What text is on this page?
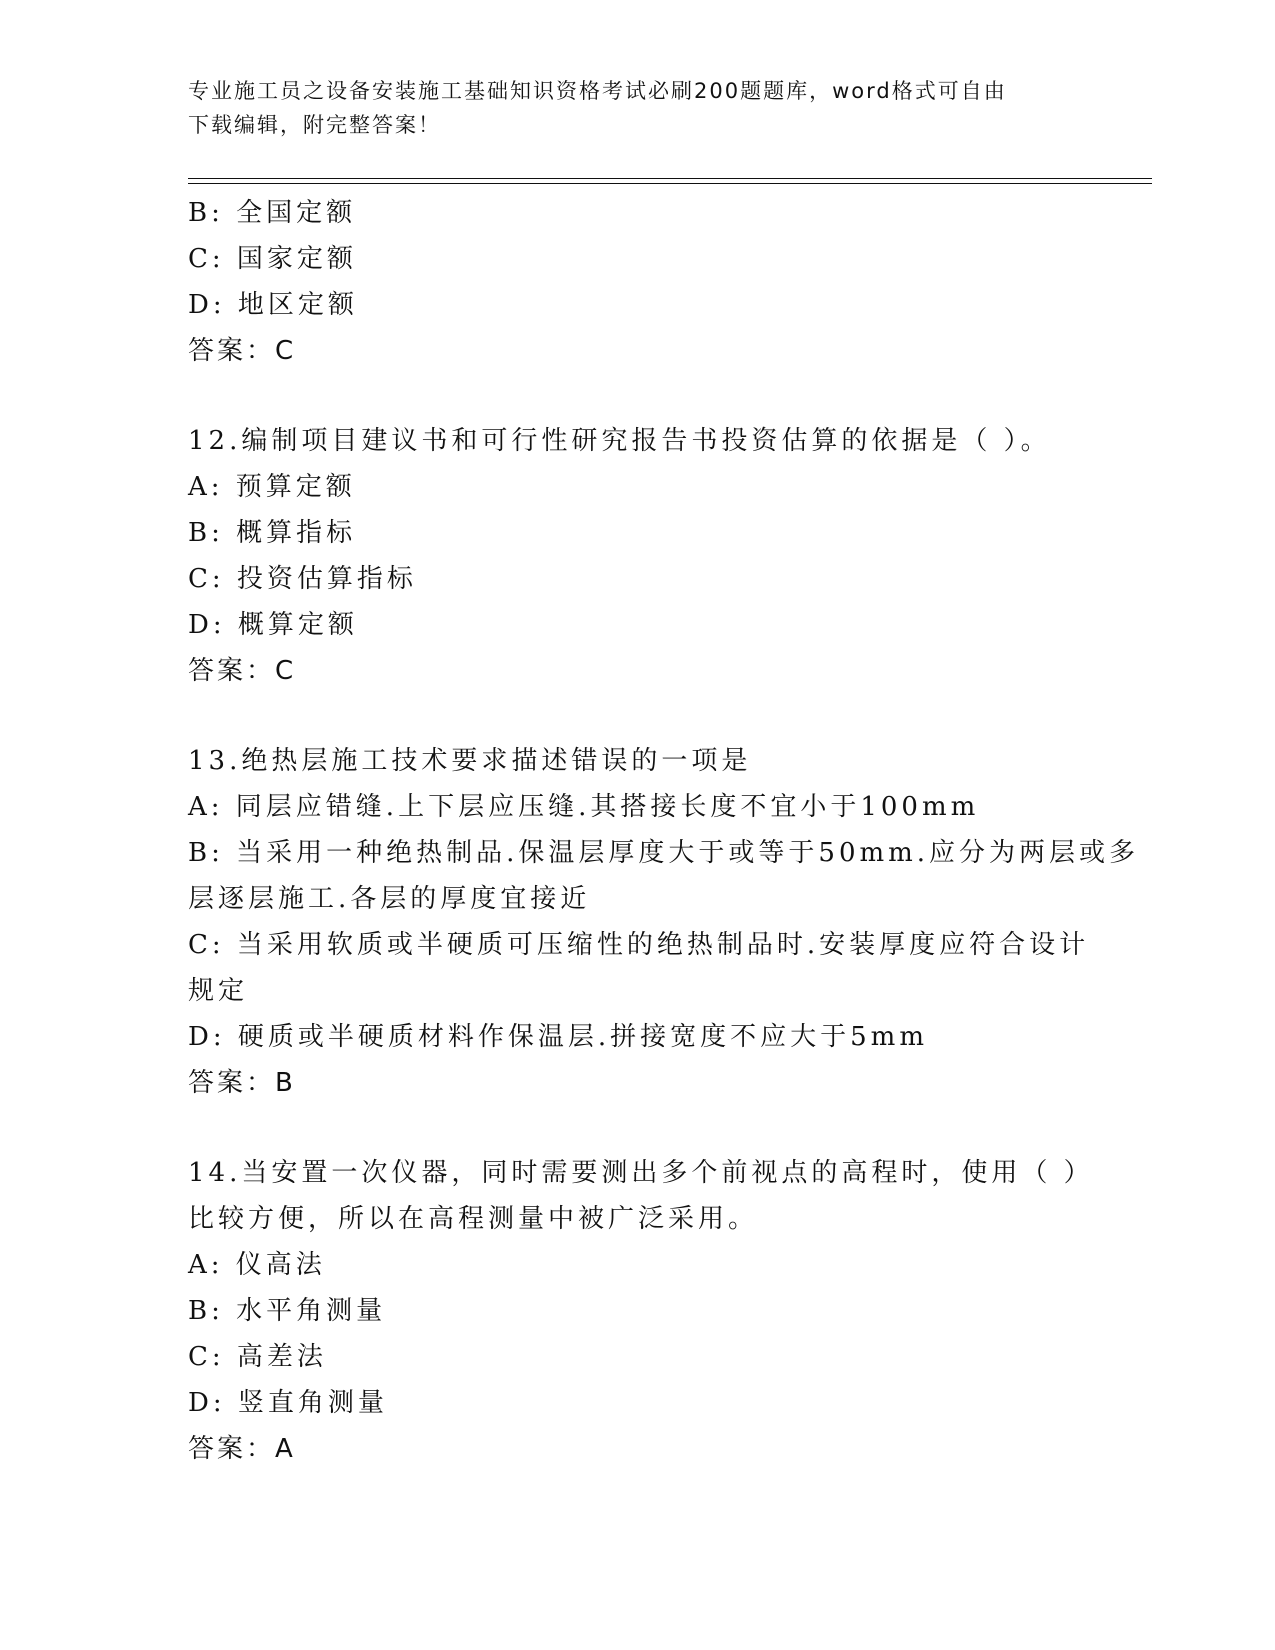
专业施工员之设备安装施工基础知识资格考试必刷200题题库，word格式可自由
下载编辑，附完整答案！
B: 全国定额
C: 国家定额
D: 地区定额
答案：C
12.编制项目建议书和可行性研究报告书投资估算的依据是（ ）。
A: 预算定额
B: 概算指标
C: 投资估算指标
D: 概算定额
答案：C
13.绝热层施工技术要求描述错误的一项是
A: 同层应错缝.上下层应压缝.其搭接长度不宜小于100mm
B: 当采用一种绝热制品.保温层厚度大于或等于50mm.应分为两层或多
层逐层施工.各层的厚度宜接近
C: 当采用软质或半硬质可压缩性的绝热制品时.安装厚度应符合设计
规定
D: 硬质或半硬质材料作保温层.拼接宽度不应大于5mm
答案：B
14.当安置一次仪器，同时需要测出多个前视点的高程时，使用（ ）
比较方便，所以在高程测量中被广泛采用。
A: 仪高法
B: 水平角测量
C: 高差法
D: 竖直角测量
答案：A
